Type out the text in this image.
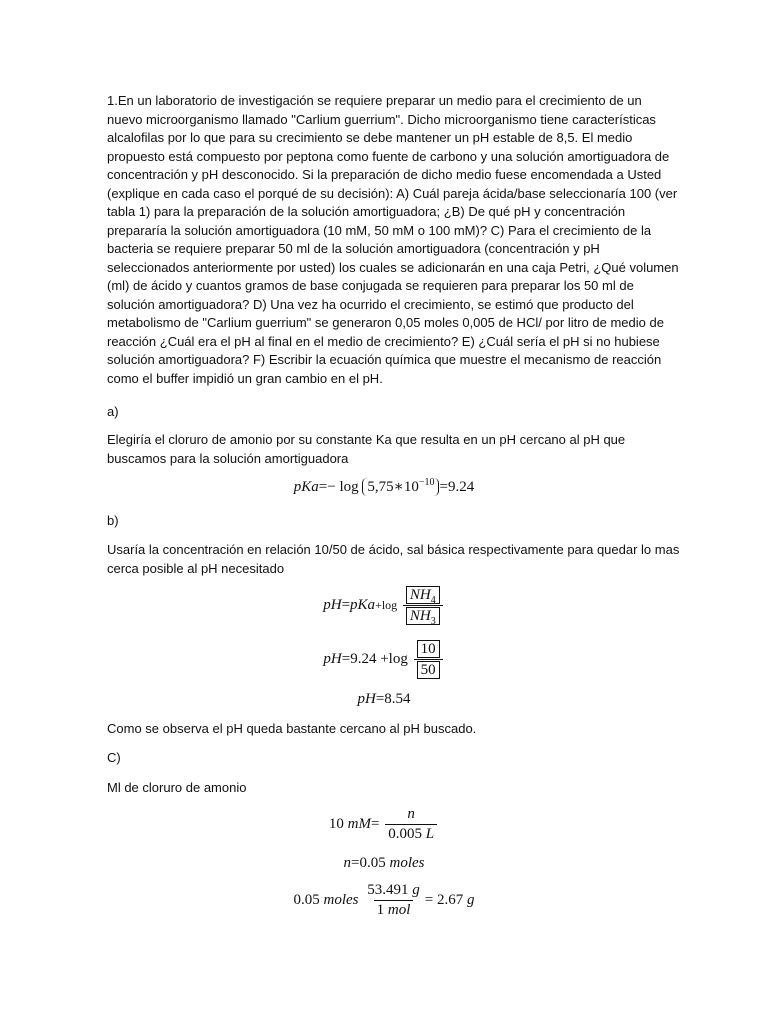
1.En un laboratorio de investigación se requiere preparar un medio para el crecimiento de un
nuevo microorganismo llamado "Carlium guerrium". Dicho microorganismo tiene características
alcalofilas por lo que para su crecimiento se debe mantener un pH estable de 8,5. El medio
propuesto está compuesto por peptona como fuente de carbono y una solución amortiguadora de
concentración y pH desconocido. Si la preparación de dicho medio fuese encomendada a Usted
(explique en cada caso el porqué de su decisión): A) Cuál pareja ácida/base seleccionaría 100 (ver
tabla 1) para la preparación de la solución amortiguadora; ¿B) De qué pH y concentración
prepararía la solución amortiguadora (10 mM, 50 mM o 100 mM)? C) Para el crecimiento de la
bacteria se requiere preparar 50 ml de la solución amortiguadora (concentración y pH
seleccionados anteriormente por usted) los cuales se adicionarán en una caja Petri, ¿Qué volumen
(ml) de ácido y cuantos gramos de base conjugada se requieren para preparar los 50 ml de
solución amortiguadora? D) Una vez ha ocurrido el crecimiento, se estimó que producto del
metabolismo de "Carlium guerrium" se generaron 0,05 moles 0,005 de HCl/ por litro de medio de
reacción ¿Cuál era el pH al final en el medio de crecimiento? E) ¿Cuál sería el pH si no hubiese
solución amortiguadora? F) Escribir la ecuación química que muestre el mecanismo de reacción
como el buffer impidió un gran cambio en el pH.

a)

Elegiría el cloruro de amonio por su constante Ka que resulta en un pH cercano al pH que
buscamos para la solución amortiguadora

$pKa=- \log 5,75∗10^{-10} =9.24$

b)

Usaría la concentración en relación 10/50 de ácido, sal básica respectivamente para quedar lo mas
cerca posible al pH necesitado

$pH=pKa+\log \frac{NH_4}{NH_3}$
$pH=9.24 +\log \frac{10}{50}$
pH=8.54

Como se observa el pH queda bastante cercano al pH buscado.

C)

Ml de cloruro de amonio

10 $mM= \frac{n}{0.005 L}$
n=0.05 moles
0.05 moles $\frac{53.491 g}{\text{1 mol}} = 2.67$ g
